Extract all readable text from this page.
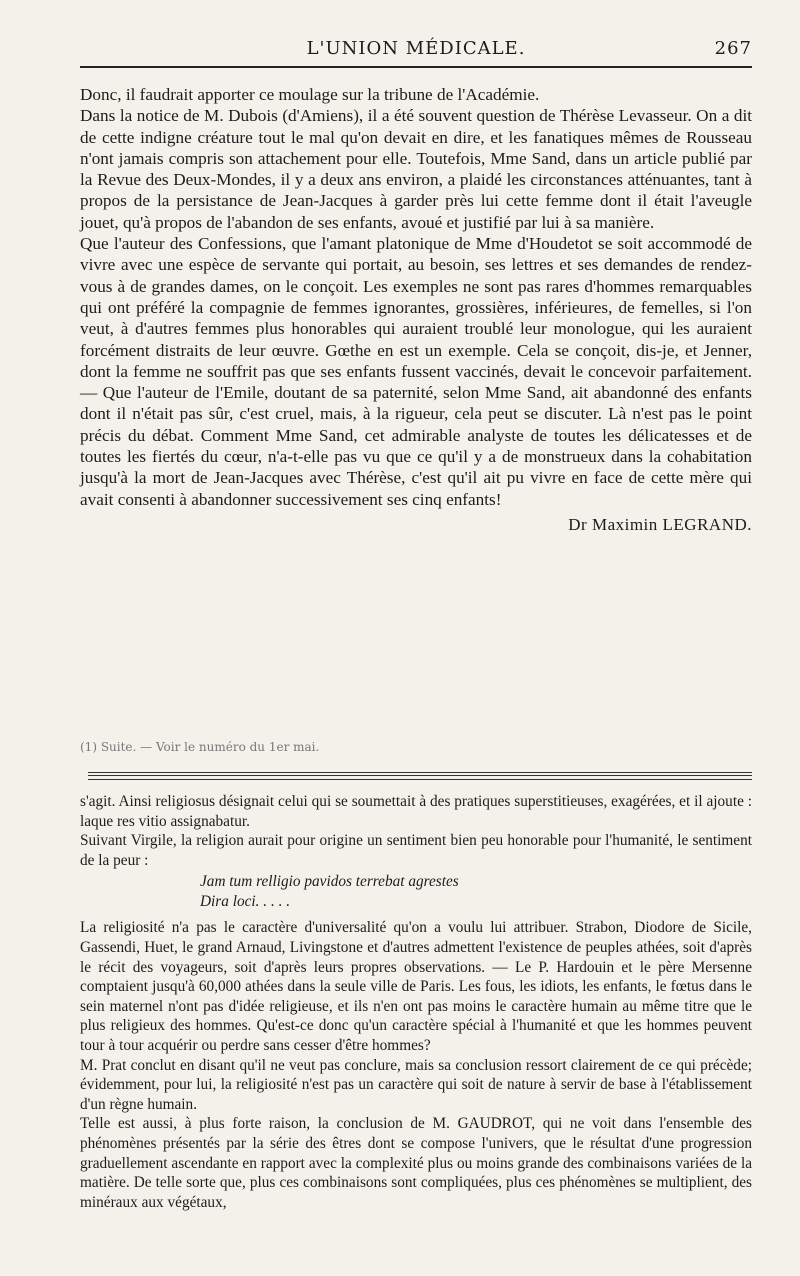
L'UNION MÉDICALE.	267

Donc, il faudrait apporter ce moulage sur la tribune de l'Académie.

Dans la notice de M. Dubois (d'Amiens), il a été souvent question de Thérèse Levasseur. On a dit de cette indigne créature tout le mal qu'on devait en dire, et les fanatiques mêmes de Rousseau n'ont jamais compris son attachement pour elle. Toutefois, Mme Sand, dans un article publié par la Revue des Deux-Mondes, il y a deux ans environ, a plaidé les circonstances atténuantes, tant à propos de la persistance de Jean-Jacques à garder près lui cette femme dont il était l'aveugle jouet, qu'à propos de l'abandon de ses enfants, avoué et justifié par lui à sa manière.

Que l'auteur des Confessions, que l'amant platonique de Mme d'Houdetot se soit accommodé de vivre avec une espèce de servante qui portait, au besoin, ses lettres et ses demandes de rendez-vous à de grandes dames, on le conçoit. Les exemples ne sont pas rares d'hommes remarquables qui ont préféré la compagnie de femmes ignorantes, grossières, inférieures, de femelles, si l'on veut, à d'autres femmes plus honorables qui auraient troublé leur monologue, qui les auraient forcément distraits de leur œuvre. Gœthe en est un exemple. Cela se conçoit, dis-je, et Jenner, dont la femme ne souffrit pas que ses enfants fussent vaccinés, devait le concevoir parfaitement.— Que l'auteur de l'Emile, doutant de sa paternité, selon Mme Sand, ait abandonné des enfants dont il n'était pas sûr, c'est cruel, mais, à la rigueur, cela peut se discuter. Là n'est pas le point précis du débat. Comment Mme Sand, cet admirable analyste de toutes les délicatesses et de toutes les fiertés du cœur, n'a-t-elle pas vu que ce qu'il y a de monstrueux dans la cohabitation jusqu'à la mort de Jean-Jacques avec Thérèse, c'est qu'il ait pu vivre en face de cette mère qui avait consenti à abandonner successivement ses cinq enfants!

Dr Maximin LEGRAND.
(1) Suite. — Voir le numéro du 1er mai.

s'agit. Ainsi religiosus désignait celui qui se soumettait à des pratiques superstitieuses, exagérées, et il ajoute : laque res vitio assignabatur.

Suivant Virgile, la religion aurait pour origine un sentiment bien peu honorable pour l'humanité, le sentiment de la peur :

Jam tum relligio pavidos terrebat agrestes
Dira loci. . . . .

La religiosité n'a pas le caractère d'universalité qu'on a voulu lui attribuer. Strabon, Diodore de Sicile, Gassendi, Huet, le grand Arnaud, Livingstone et d'autres admettent l'existence de peuples athées, soit d'après le récit des voyageurs, soit d'après leurs propres observations. — Le P. Hardouin et le père Mersenne comptaient jusqu'à 60,000 athées dans la seule ville de Paris. Les fous, les idiots, les enfants, le fœtus dans le sein maternel n'ont pas d'idée religieuse, et ils n'en ont pas moins le caractère humain au même titre que le plus religieux des hommes. Qu'est-ce donc qu'un caractère spécial à l'humanité et que les hommes peuvent tour à tour acquérir ou perdre sans cesser d'être hommes?

M. Prat conclut en disant qu'il ne veut pas conclure, mais sa conclusion ressort clairement de ce qui précède; évidemment, pour lui, la religiosité n'est pas un caractère qui soit de nature à servir de base à l'établissement d'un règne humain.

Telle est aussi, à plus forte raison, la conclusion de M. GAUDROT, qui ne voit dans l'ensemble des phénomènes présentés par la série des êtres dont se compose l'univers, que le résultat d'une progression graduellement ascendante en rapport avec la complexité plus ou moins grande des combinaisons variées de la matière. De telle sorte que, plus ces combinaisons sont compliquées, plus ces phénomènes se multiplient, des minéraux aux végétaux,
